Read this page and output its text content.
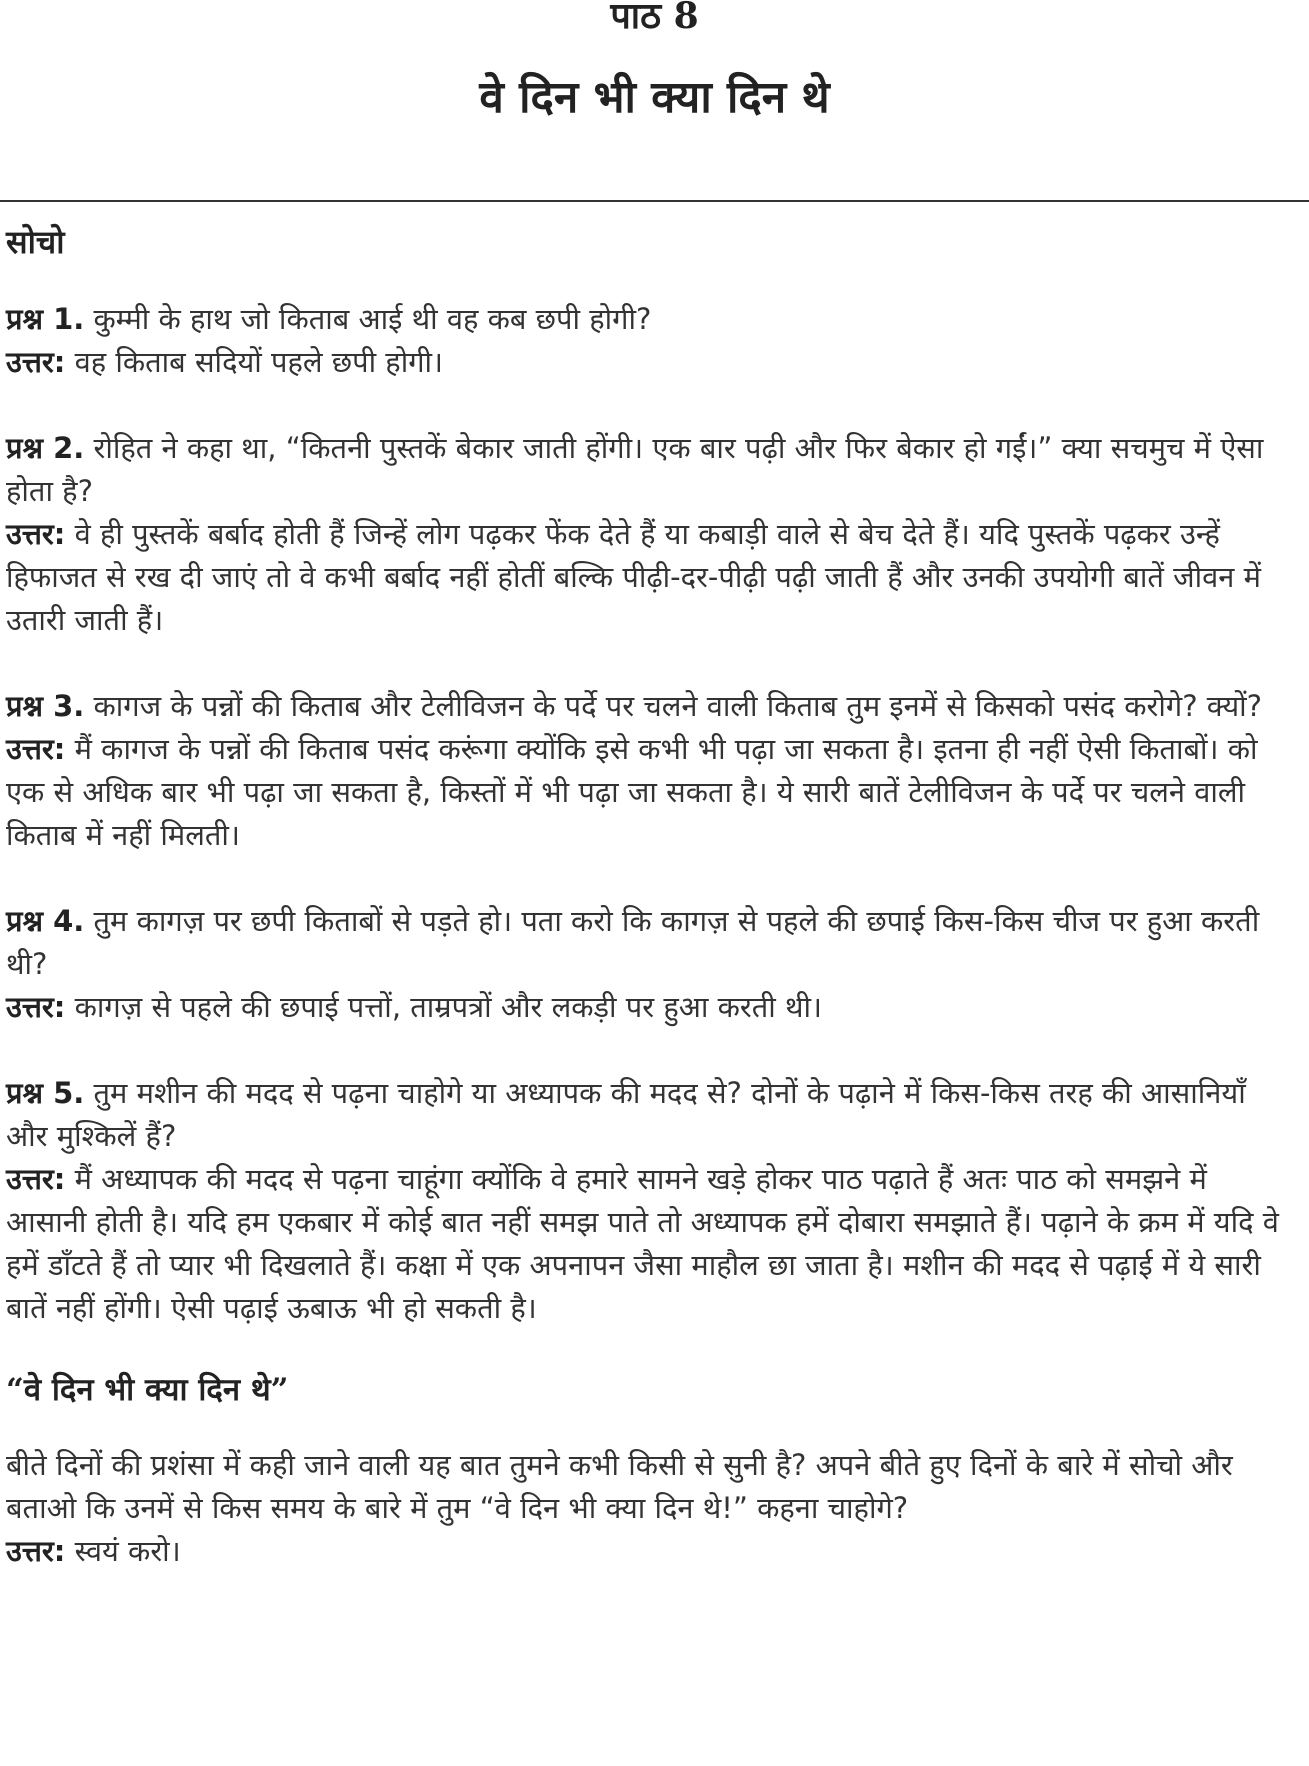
पाठ 8
वे दिन भी क्या दिन थे
सोचो

प्रश्न 1. कुम्मी के हाथ जो किताब आई थी वह कब छपी होगी?

उत्तर: वह किताब सदियों पहले छपी होगी।

प्रश्न 2. रोहित ने कहा था, “कितनी पुस्तकें बेकार जाती होंगी। एक बार पढ़ी और फिर बेकार हो गईं।” क्या सचमुच में ऐसा होता है?

उत्तर: वे ही पुस्तकें बर्बाद होती हैं जिन्हें लोग पढ़कर फेंक देते हैं या कबाड़ी वाले से बेच देते हैं। यदि पुस्तकें पढ़कर उन्हें हिफाजत से रख दी जाएं तो वे कभी बर्बाद नहीं होतीं बल्कि पीढ़ी-दर-पीढ़ी पढ़ी जाती हैं और उनकी उपयोगी बातें जीवन में उतारी जाती हैं।

प्रश्न 3. कागज के पन्नों की किताब और टेलीविजन के पर्दे पर चलने वाली किताब तुम इनमें से किसको पसंद करोगे? क्यों?

उत्तर: मैं कागज के पन्नों की किताब पसंद करूंगा क्योंकि इसे कभी भी पढ़ा जा सकता है। इतना ही नहीं ऐसी किताबों। को एक से अधिक बार भी पढ़ा जा सकता है, किस्तों में भी पढ़ा जा सकता है। ये सारी बातें टेलीविजन के पर्दे पर चलने वाली किताब में नहीं मिलती।

प्रश्न 4. तुम कागज़ पर छपी किताबों से पड़ते हो। पता करो कि कागज़ से पहले की छपाई किस-किस चीज पर हुआ करती थी?

उत्तर: कागज़ से पहले की छपाई पत्तों, ताम्रपत्रों और लकड़ी पर हुआ करती थी।

प्रश्न 5. तुम मशीन की मदद से पढ़ना चाहोगे या अध्यापक की मदद से? दोनों के पढ़ाने में किस-किस तरह की आसानियाँ और मुश्किलें हैं?

उत्तर: मैं अध्यापक की मदद से पढ़ना चाहूंगा क्योंकि वे हमारे सामने खड़े होकर पाठ पढ़ाते हैं अतः पाठ को समझने में आसानी होती है। यदि हम एकबार में कोई बात नहीं समझ पाते तो अध्यापक हमें दोबारा समझाते हैं। पढ़ाने के क्रम में यदि वे हमें डाँटते हैं तो प्यार भी दिखलाते हैं। कक्षा में एक अपनापन जैसा माहौल छा जाता है। मशीन की मदद से पढ़ाई में ये सारी बातें नहीं होंगी। ऐसी पढ़ाई ऊबाऊ भी हो सकती है।

“वे दिन भी क्या दिन थे”

बीते दिनों की प्रशंसा में कही जाने वाली यह बात तुमने कभी किसी से सुनी है? अपने बीते हुए दिनों के बारे में सोचो और बताओ कि उनमें से किस समय के बारे में तुम “वे दिन भी क्या दिन थे!” कहना चाहोगे?

उत्तर: स्वयं करो।
